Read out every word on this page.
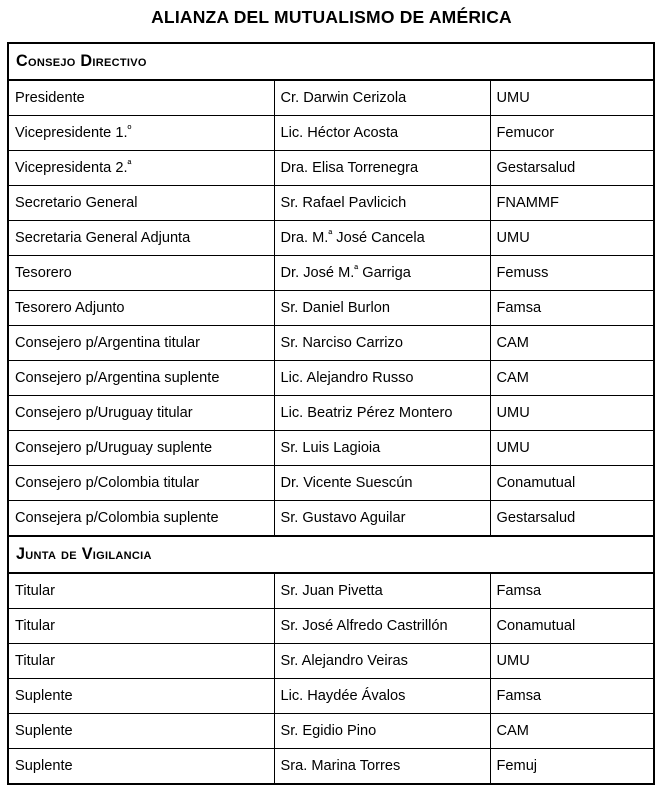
ALIANZA DEL MUTUALISMO DE AMÉRICA
Consejo Directivo		
Presidente	Cr. Darwin Cerizola	UMU
Vicepresidente 1.$^º$	Lic. Héctor Acosta	Femucor
Vicepresidenta 2.$^ª$	Dra. Elisa Torrenegra	Gestarsalud
Secretario General	Sr. Rafael Pavlicich	FNAMMF
Secretaria General Adjunta	Dra. M.$^ª$ José Cancela	UMU
Tesorero	Dr. José M.$^ª$ Garriga	Femuss
Tesorero Adjunto	Sr. Daniel Burlon	Famsa
Consejero p/Argentina titular	Sr. Narciso Carrizo	CAM
Consejero p/Argentina suplente	Lic. Alejandro Russo	CAM
Consejero p/Uruguay titular	Lic. Beatriz Pérez Montero	UMU
Consejero p/Uruguay suplente	Sr. Luis Lagioia	UMU
Consejero p/Colombia titular	Dr. Vicente Suescún	Conamutual
Consejera p/Colombia suplente	Sr. Gustavo Aguilar	Gestarsalud
Junta de Vigilancia		
Titular	Sr. Juan Pivetta	Famsa
Titular	Sr. José Alfredo Castrillón	Conamutual
Titular	Sr. Alejandro Veiras	UMU
Suplente	Lic. Haydée Ávalos	Famsa
Suplente	Sr. Egidio Pino	CAM
Suplente	Sra. Marina Torres	Femuj
